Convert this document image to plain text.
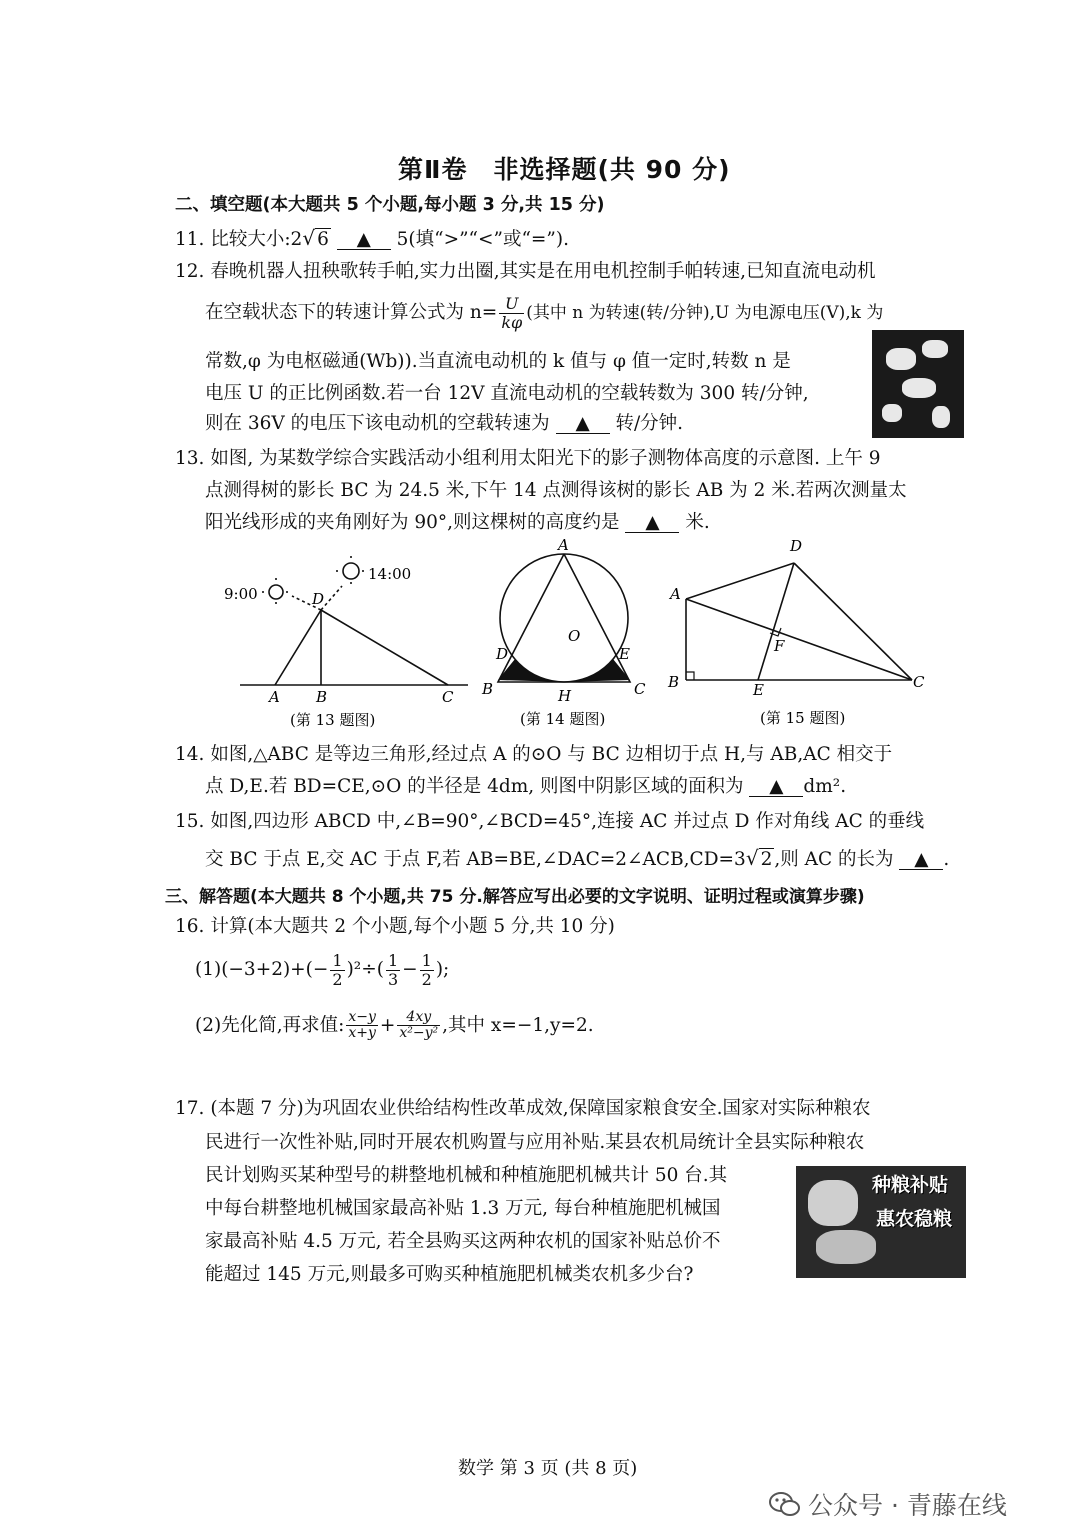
第Ⅱ卷　非选择题(共 90 分)
二、填空题(本大题共 5 个小题,每小题 3 分,共 15 分)
11. 比较大小:2√ 6 ▲ 5(填“>”“<”或“=”).
12. 春晚机器人扭秧歌转手帕,实力出圈,其实是在用电机控制手帕转速,已知直流电动机
在空载状态下的转速计算公式为 $n= \frac{U}{k\varphi}$ (其中 n 为转速(转/分钟),U 为电源电压(V),k 为
常数,φ 为电枢磁通(Wb)).当直流电动机的 k 值与 φ 值一定时,转数 n 是
电压 U 的正比例函数.若一台 12V 直流电动机的空载转数为 300 转/分钟,
则在 36V 的电压下该电动机的空载转速为 ▲ 转/分钟.
13. 如图, 为某数学综合实践活动小组利用太阳光下的影子测物体高度的示意图. 上午 9
点测得树的影长 BC 为 24.5 米,下午 14 点测得该树的影长 AB 为 2 米.若两次测量太
阳光线形成的夹角刚好为 90°,则这棵树的高度约是 ▲ 米.
9:00
14:00
D
A B	C
(第 13 题图)
A
O
D	E
B	H	C
(第 14 题图)
D
A
F
B	E	C
(第 15 题图)
14. 如图,△ABC 是等边三角形,经过点 A 的⊙O 与 BC 边相切于点 H,与 AB,AC 相交于
点 D,E.若 BD=CE,⊙O 的半径是 4dm, 则图中阴影区域的面积为 ▲ dm².
15. 如图,四边形 ABCD 中,∠B=90°,∠BCD=45°,连接 AC 并过点 D 作对角线 AC 的垂线
交 BC 于点 E,交 AC 于点 F,若 AB=BE,∠DAC=2∠ACB,CD=3√ 2 ,则 AC 的长为 ▲ .
三、解答题(本大题共 8 个小题,共 75 分.解答应写出必要的文字说明、证明过程或演算步骤)
16. 计算(本大题共 2 个小题,每个小题 5 分,共 10 分)
$(1)(-3+2)+(- \frac{1}{2} )^2\div( \frac{1}{3} - \frac{1}{2}$ );
(2)先化简,再求值: $\frac{x-y}{x+y} + \frac{4xy}{\text{x²−y²}}$ ,其中 x=−1,y=2.
17. (本题 7 分)为巩固农业供给结构性改革成效,保障国家粮食安全.国家对实际种粮农
民进行一次性补贴,同时开展农机购置与应用补贴.某县农机局统计全县实际种粮农
民计划购买某种型号的耕整地机械和种植施肥机械共计 50 台.其
中每台耕整地机械国家最高补贴 1.3 万元, 每台种植施肥机械国
家最高补贴 4.5 万元, 若全县购买这两种农机的国家补贴总价不
能超过 145 万元,则最多可购买种植施肥机械类农机多少台?
种粮补贴
惠农稳粮
数学 第 3 页 (共 8 页)
公众号 · 青藤在线
